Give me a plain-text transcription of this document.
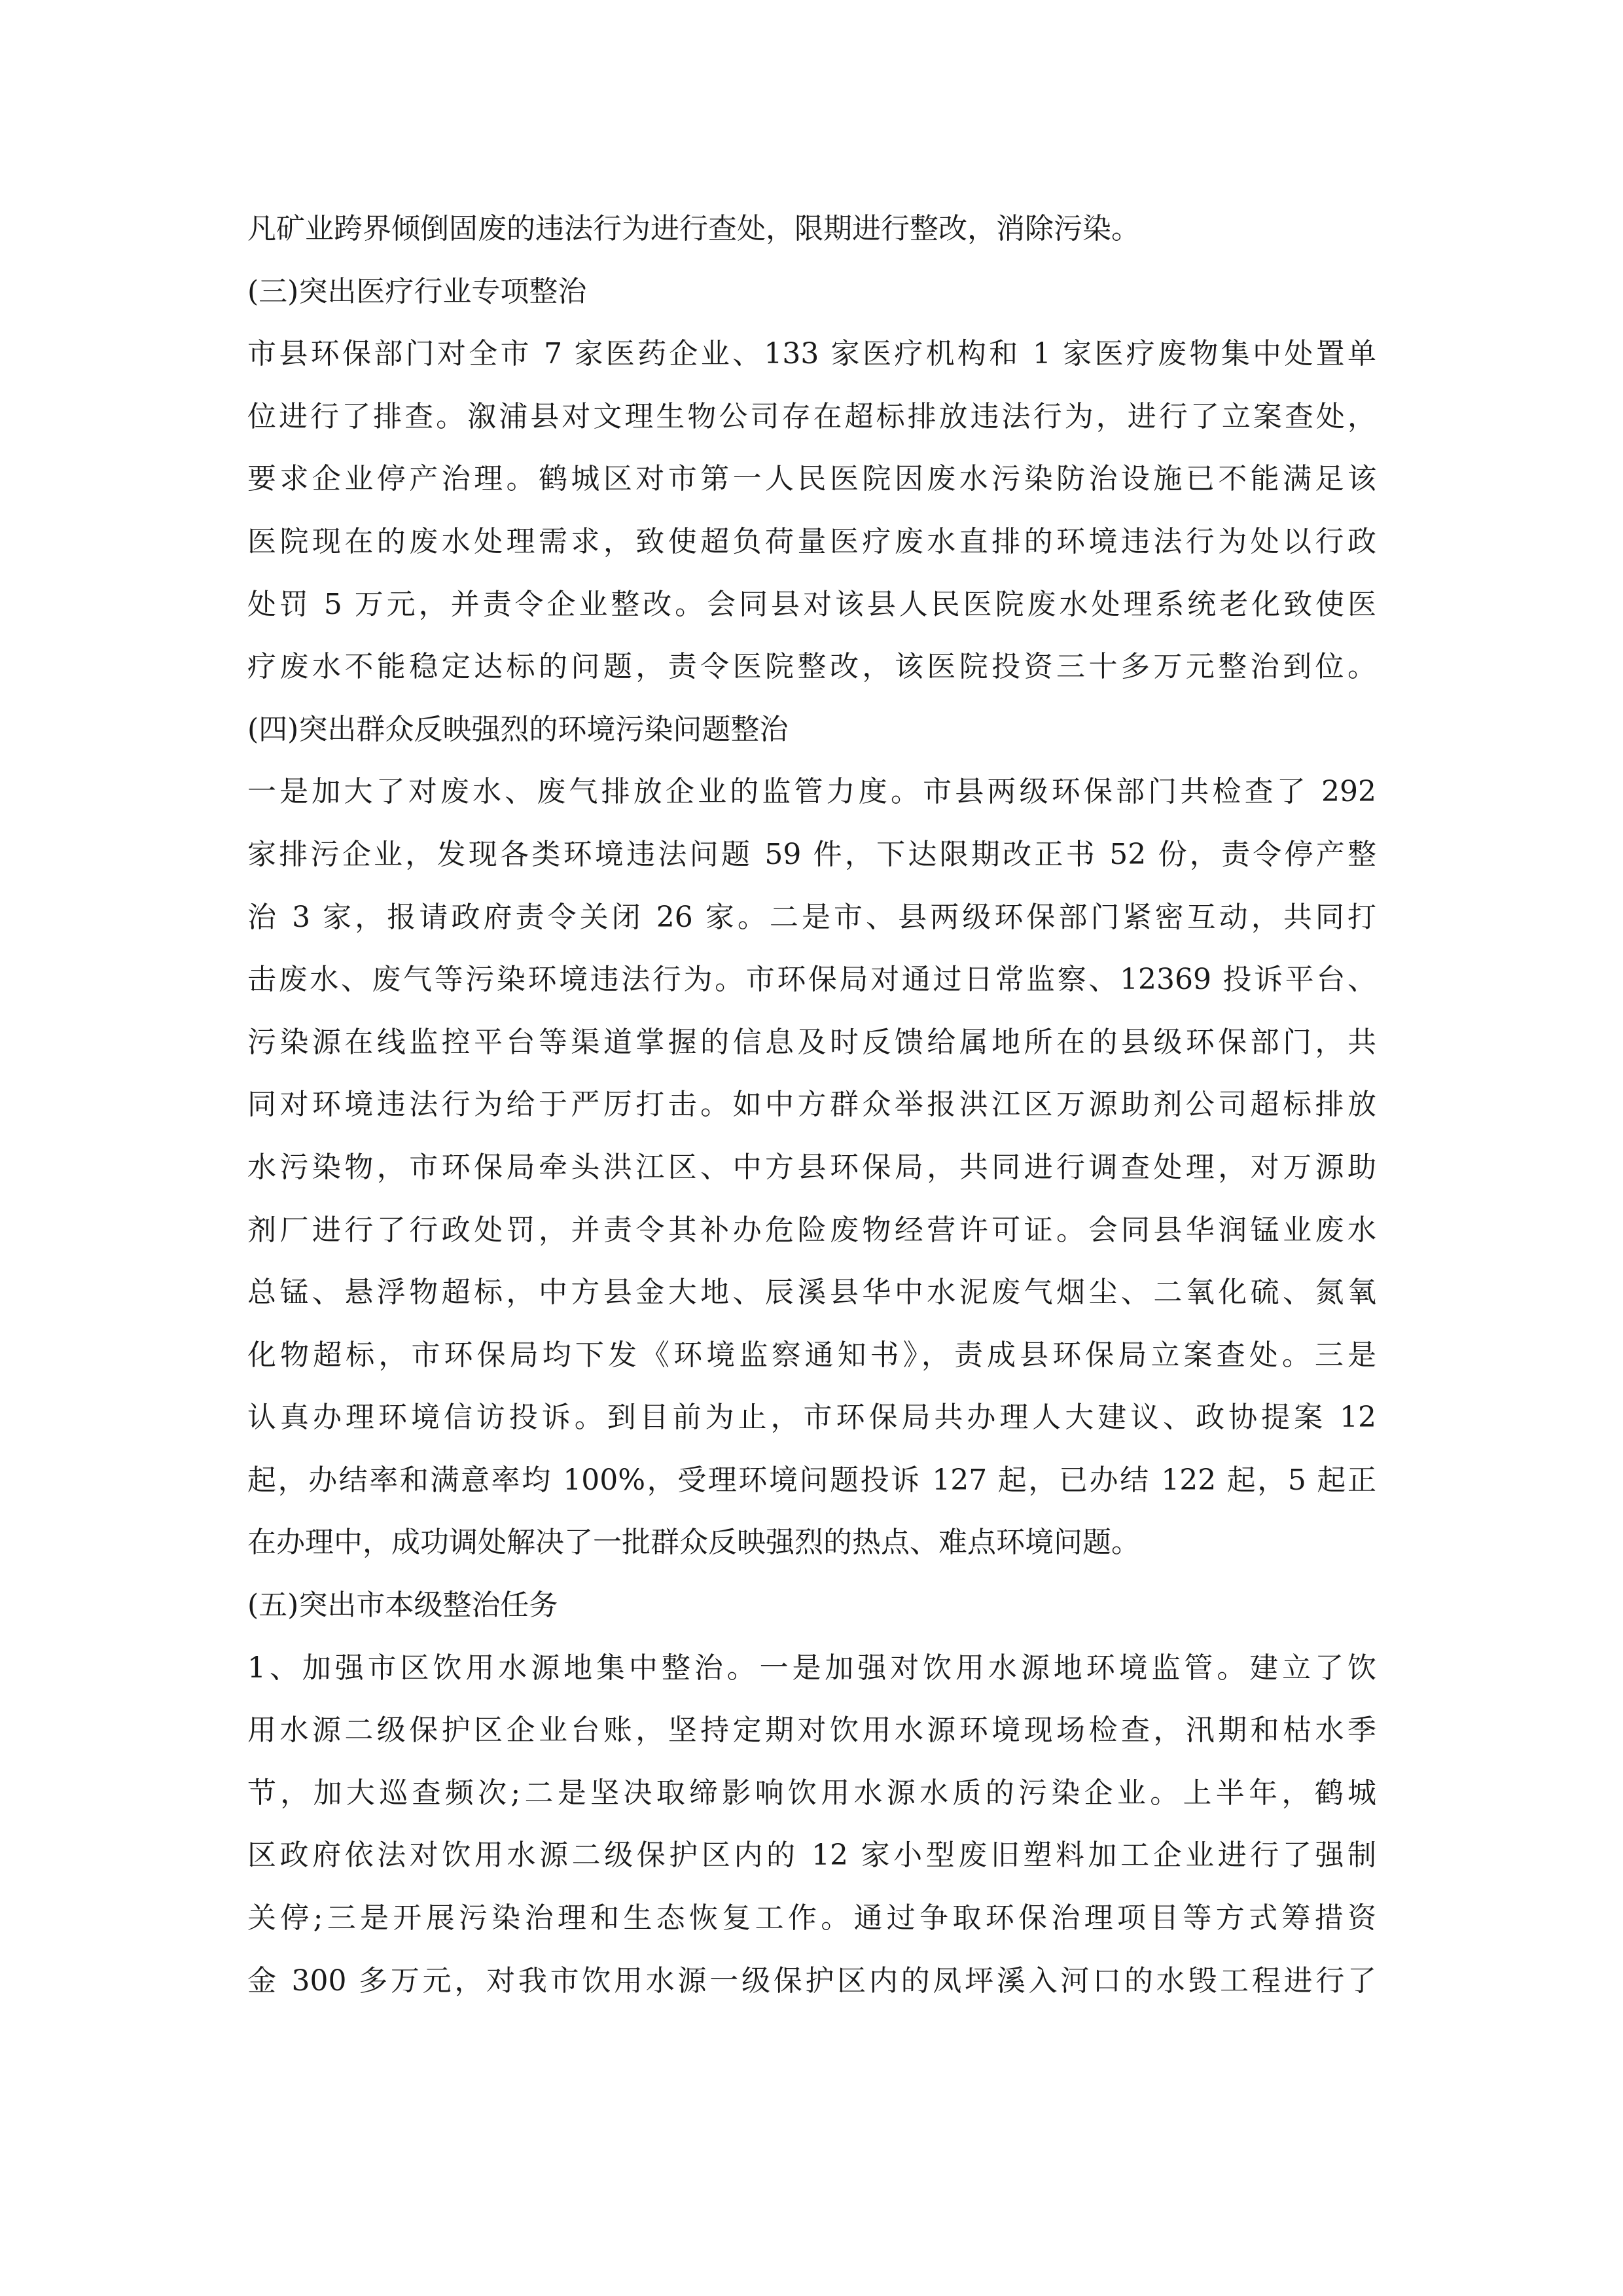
凡矿业跨界倾倒固废的违法行为进行查处，限期进行整改，消除污染。
(三)突出医疗行业专项整治
市县环保部门对全市 7 家医药企业、133 家医疗机构和 1 家医疗废物集中处置单
位进行了排查。溆浦县对文理生物公司存在超标排放违法行为，进行了立案查处，
要求企业停产治理。鹤城区对市第一人民医院因废水污染防治设施已不能满足该
医院现在的废水处理需求，致使超负荷量医疗废水直排的环境违法行为处以行政
处罚 5 万元，并责令企业整改。会同县对该县人民医院废水处理系统老化致使医
疗废水不能稳定达标的问题，责令医院整改，该医院投资三十多万元整治到位。
(四)突出群众反映强烈的环境污染问题整治
一是加大了对废水、废气排放企业的监管力度。市县两级环保部门共检查了 292
家排污企业，发现各类环境违法问题 59 件，下达限期改正书 52 份，责令停产整
治 3 家，报请政府责令关闭 26 家。二是市、县两级环保部门紧密互动，共同打
击废水、废气等污染环境违法行为。市环保局对通过日常监察、12369 投诉平台、
污染源在线监控平台等渠道掌握的信息及时反馈给属地所在的县级环保部门，共
同对环境违法行为给于严厉打击。如中方群众举报洪江区万源助剂公司超标排放
水污染物，市环保局牵头洪江区、中方县环保局，共同进行调查处理，对万源助
剂厂进行了行政处罚，并责令其补办危险废物经营许可证。会同县华润锰业废水
总锰、悬浮物超标，中方县金大地、辰溪县华中水泥废气烟尘、二氧化硫、氮氧
化物超标，市环保局均下发《环境监察通知书》，责成县环保局立案查处。三是
认真办理环境信访投诉。到目前为止，市环保局共办理人大建议、政协提案 12
起，办结率和满意率均 100%，受理环境问题投诉 127 起，已办结 122 起，5 起正
在办理中，成功调处解决了一批群众反映强烈的热点、难点环境问题。
(五)突出市本级整治任务
1、加强市区饮用水源地集中整治。一是加强对饮用水源地环境监管。建立了饮
用水源二级保护区企业台账，坚持定期对饮用水源环境现场检查，汛期和枯水季
节，加大巡查频次;二是坚决取缔影响饮用水源水质的污染企业。上半年，鹤城
区政府依法对饮用水源二级保护区内的 12 家小型废旧塑料加工企业进行了强制
关停;三是开展污染治理和生态恢复工作。通过争取环保治理项目等方式筹措资
金 300 多万元，对我市饮用水源一级保护区内的凤坪溪入河口的水毁工程进行了
